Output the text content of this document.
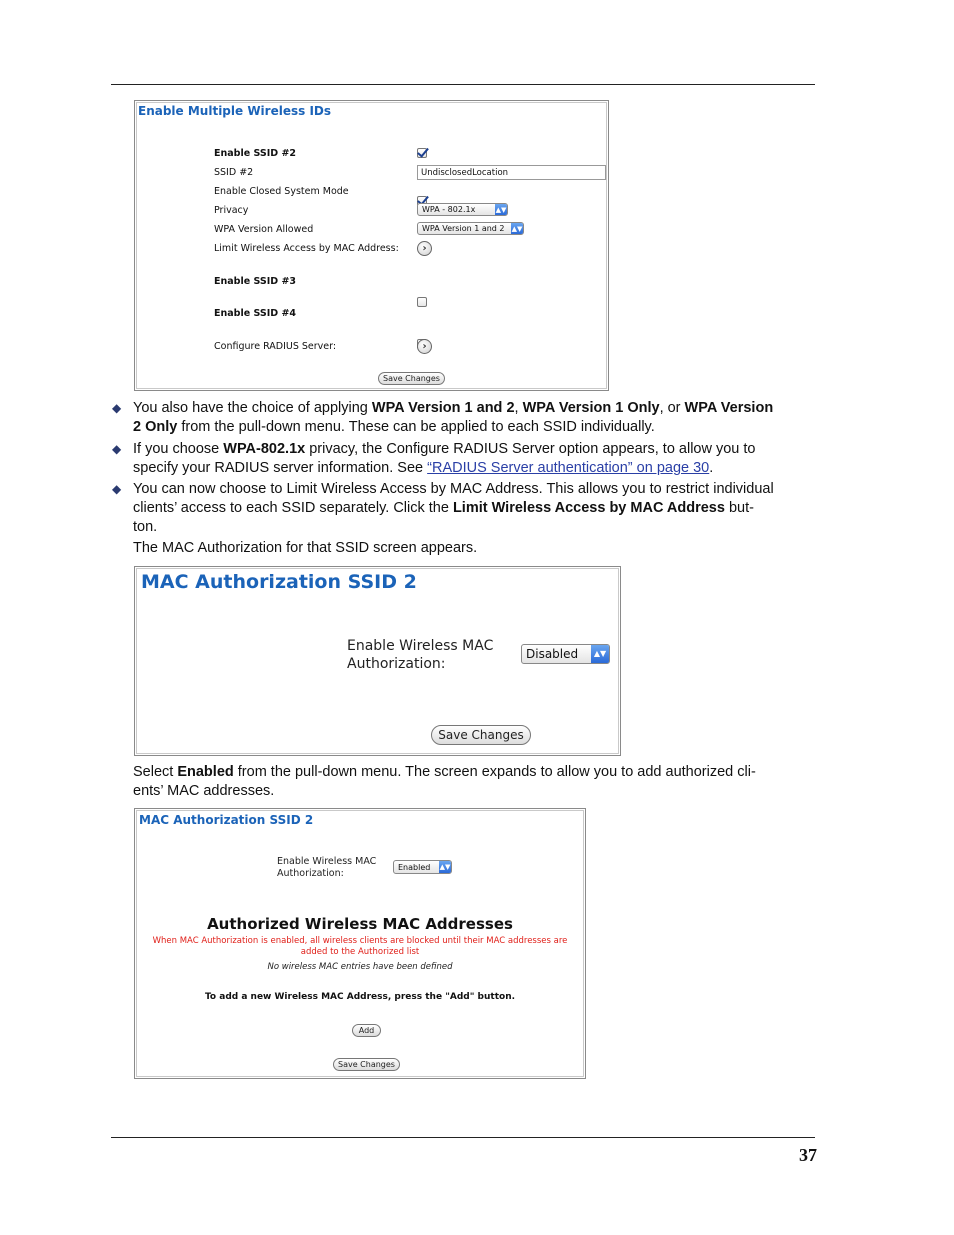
Enable Multiple Wireless IDs
Enable SSID #2
SSID #2	UndisclosedLocation
Enable Closed System Mode
Privacy	WPA - 802.1x	▲▼
WPA Version Allowed	WPA Version 1 and 2	▲▼
Limit Wireless Access by MAC Address: ›
Enable SSID #3
Enable SSID #4
Configure RADIUS Server:	›
Save Changes
◆ You also have the choice of applying WPA Version 1 and 2, WPA Version 1 Only, or WPA Version
2 Only from the pull-down menu. These can be applied to each SSID individually.
◆ If you choose WPA-802.1x privacy, the Configure RADIUS Server option appears, to allow you to
specify your RADIUS server information. See “RADIUS Server authentication” on page 30.
◆ You can now choose to Limit Wireless Access by MAC Address. This allows you to restrict individual
clients’ access to each SSID separately. Click the Limit Wireless Access by MAC Address but-
ton.
The MAC Authorization for that SSID screen appears.
MAC Authorization SSID 2
Enable Wireless MAC
Authorization:
Disabled	▲▼
Save Changes
Select Enabled from the pull-down menu. The screen expands to allow you to add authorized cli-
ents’ MAC addresses.
MAC Authorization SSID 2
Enable Wireless MAC
Authorization:
Enabled	▲▼
Authorized Wireless MAC Addresses
When MAC Authorization is enabled, all wireless clients are blocked until their MAC addresses are
added to the Authorized list
No wireless MAC entries have been defined
To add a new Wireless MAC Address, press the "Add" button.
Add
Save Changes
37
